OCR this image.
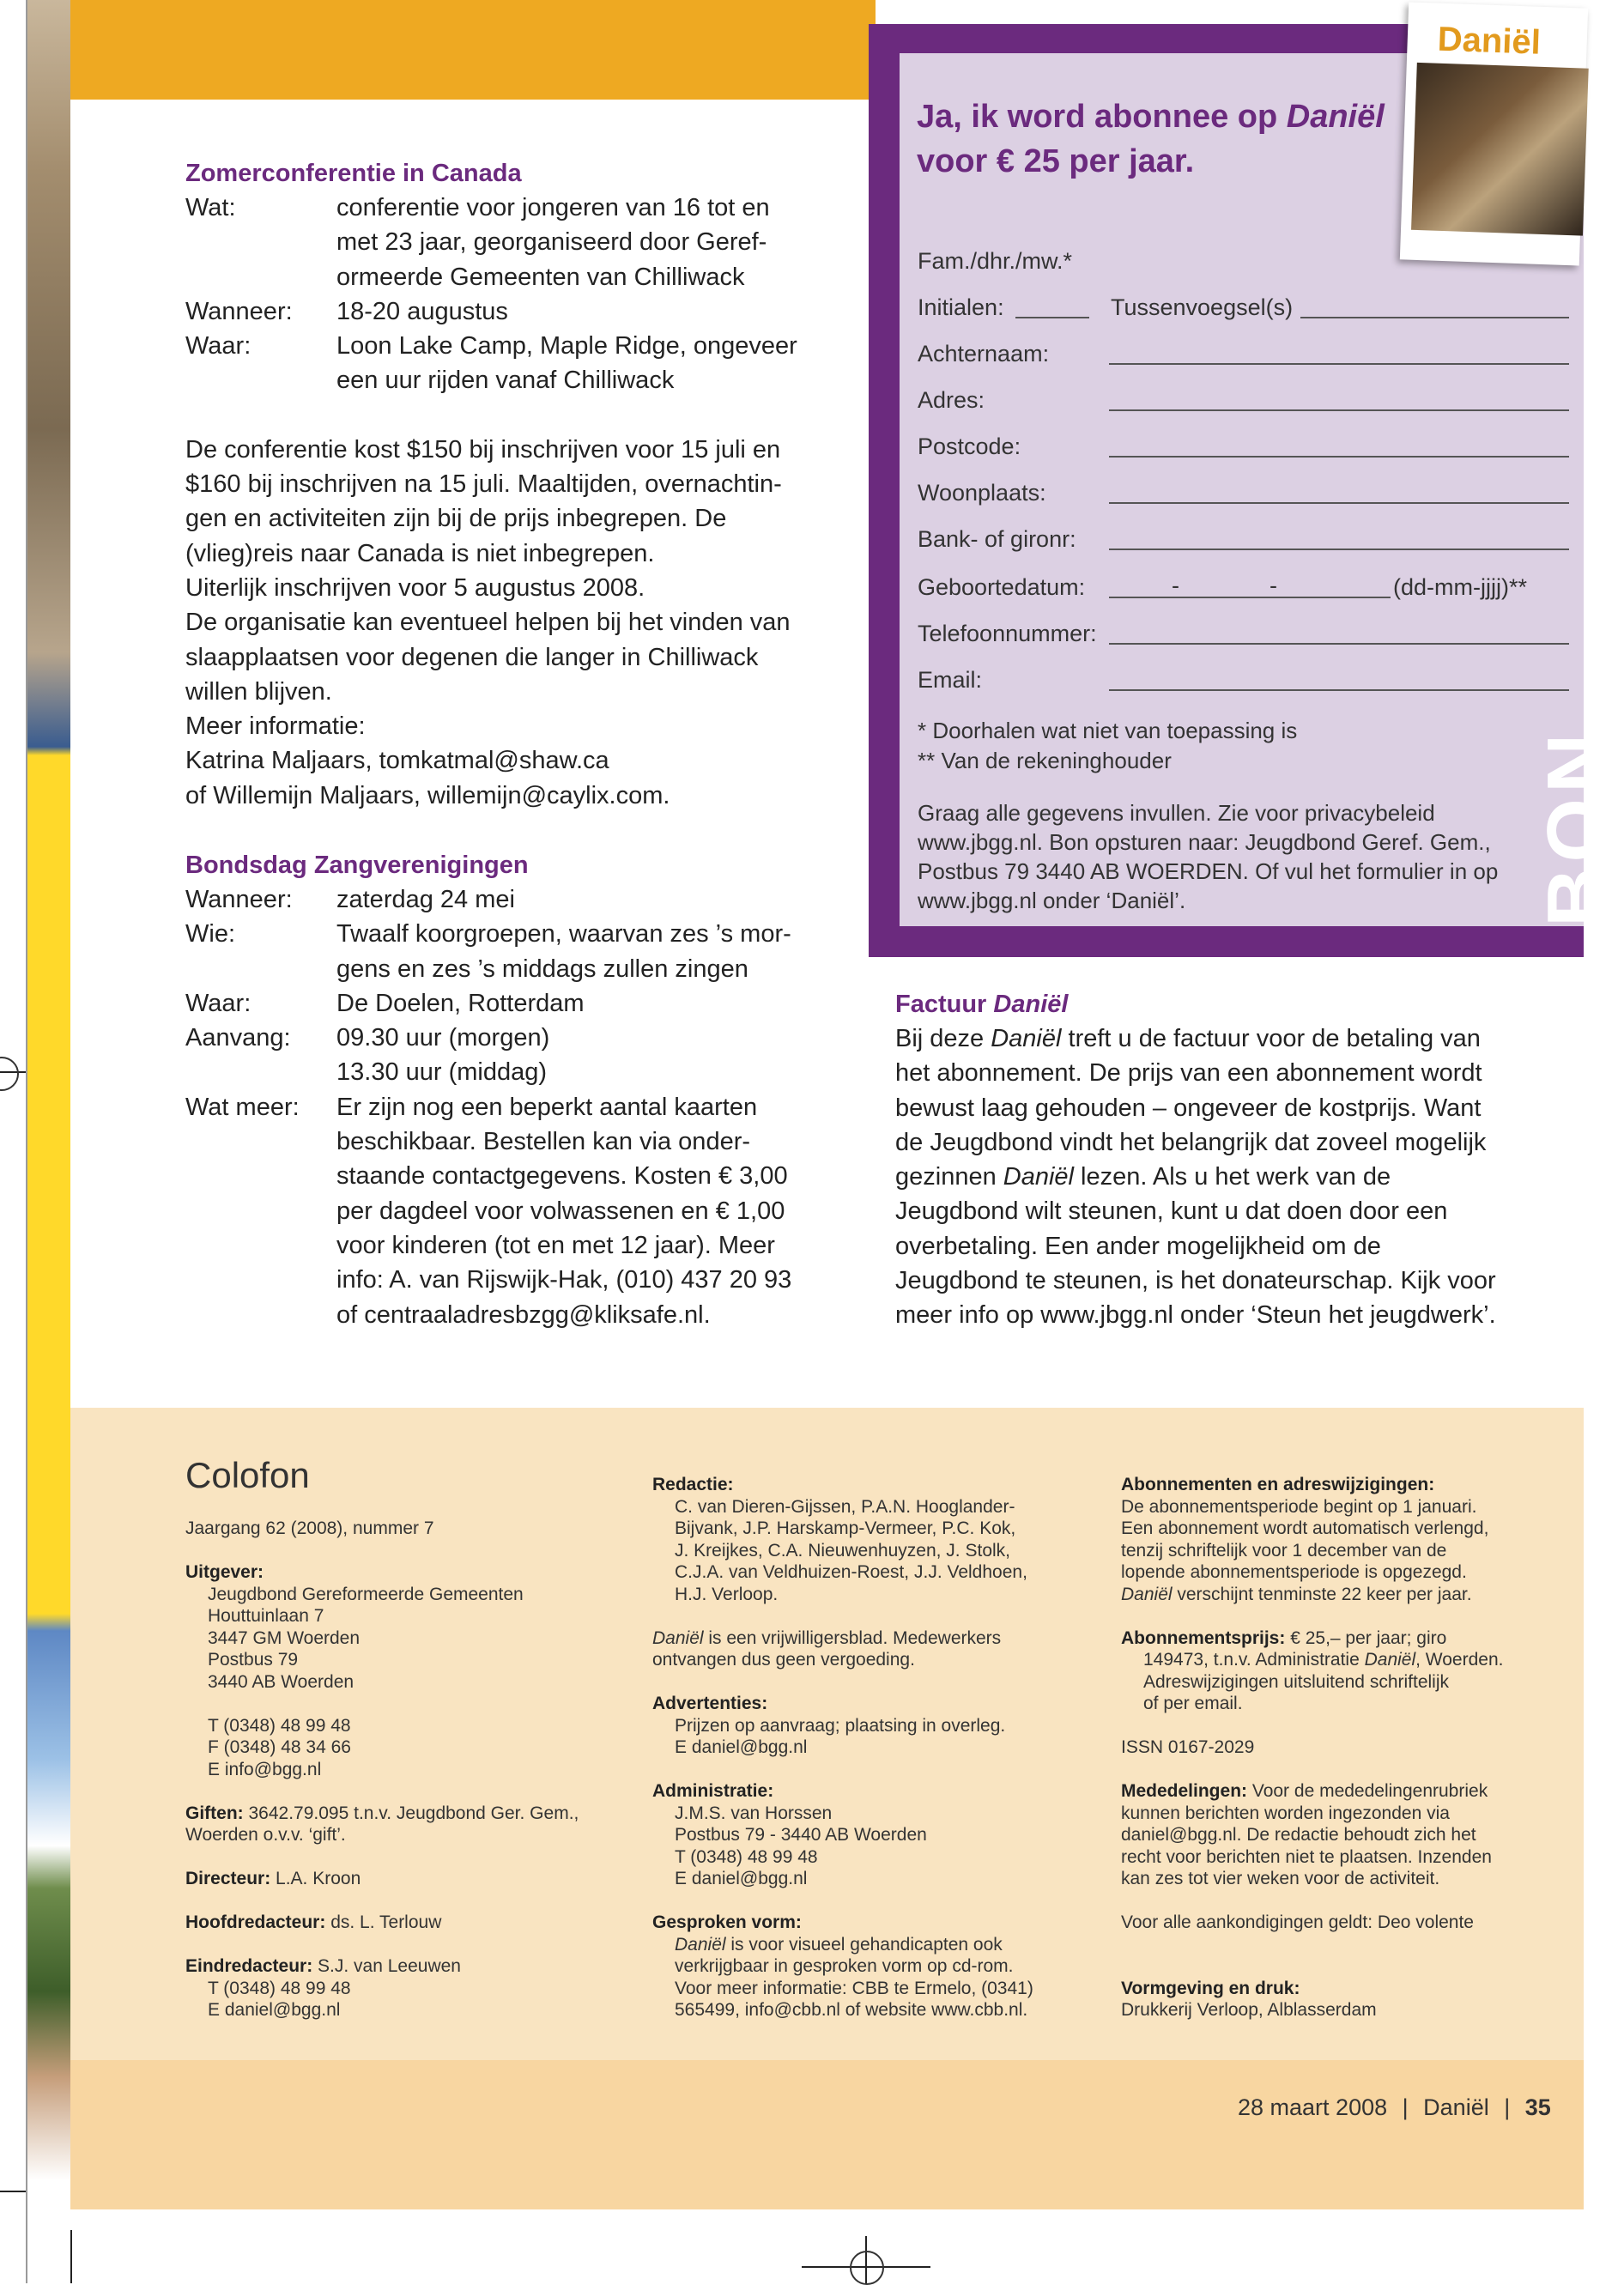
Zomerconferentie in Canada
Wat:	conferentie voor jongeren van 16 tot en
met 23 jaar, georganiseerd door Geref-
ormeerde Gemeenten van Chilliwack
Wanneer: 18-20 augustus
Waar:	Loon Lake Camp, Maple Ridge, ongeveer
een uur rijden vanaf Chilliwack
De conferentie kost $150 bij inschrijven voor 15 juli en
$160 bij inschrijven na 15 juli. Maaltijden, overnachtin-
gen en activiteiten zijn bij de prijs inbegrepen. De
(vlieg)reis naar Canada is niet inbegrepen.
Uiterlijk inschrijven voor 5 augustus 2008.
De organisatie kan eventueel helpen bij het vinden van
slaapplaatsen voor degenen die langer in Chilliwack
willen blijven.
Meer informatie:
Katrina Maljaars, tomkatmal@shaw.ca
of Willemijn Maljaars, willemijn@caylix.com.
Bondsdag Zangverenigingen
Wanneer: zaterdag 24 mei
Wie:	Twaalf koorgroepen, waarvan zes ’s mor-
gens en zes ’s middags zullen zingen
Waar:	De Doelen, Rotterdam
Aanvang: 09.30 uur (morgen)
13.30 uur (middag)
Wat meer: Er zijn nog een beperkt aantal kaarten
beschikbaar. Bestellen kan via onder-
staande contactgegevens. Kosten € 3,00
per dagdeel voor volwassenen en € 1,00
voor kinderen (tot en met 12 jaar). Meer
info: A. van Rijswijk-Hak, (010) 437 20 93
of centraaladresbzgg@kliksafe.nl.
Ja, ik word abonnee op Daniël
voor € 25 per jaar.
Daniël
Fam./dhr./mw.*
Initialen:	Tussenvoegsel(s)
Achternaam:
Adres:
Postcode:
Woonplaats:
Bank- of gironr:
Geboortedatum:	-	-	(dd-mm-jjjj)**
Telefoonnummer:
Email:
* Doorhalen wat niet van toepassing is
** Van de rekeninghouder
Graag alle gegevens invullen. Zie voor privacybeleid
www.jbgg.nl. Bon opsturen naar: Jeugdbond Geref. Gem.,
Postbus 79 3440 AB WOERDEN. Of vul het formulier in op
www.jbgg.nl onder ‘Daniël’.	BON
Factuur Daniël
Bij deze Daniël treft u de factuur voor de betaling van
het abonnement. De prijs van een abonnement wordt
bewust laag gehouden – ongeveer de kostprijs. Want
de Jeugdbond vindt het belangrijk dat zoveel mogelijk
gezinnen Daniël lezen. Als u het werk van de
Jeugdbond wilt steunen, kunt u dat doen door een
overbetaling. Een ander mogelijkheid om de
Jeugdbond te steunen, is het donateurschap. Kijk voor
meer info op www.jbgg.nl onder ‘Steun het jeugdwerk’.
Colofon
Jaargang 62 (2008), nummer 7

Uitgever:

Jeugdbond Gereformeerde Gemeenten
Houttuinlaan 7
3447 GM Woerden
Postbus 79
3440 AB Woerden

T (0348) 48 99 48
F (0348) 48 34 66
E info@bgg.nl

Giften: 3642.79.095 t.n.v. Jeugdbond Ger. Gem.,
Woerden o.v.v. ‘gift’.

Directeur: L.A. Kroon

Hoofdredacteur: ds. L. Terlouw

Eindredacteur: S.J. van Leeuwen

T (0348) 48 99 48
E daniel@bgg.nl
Redactie:

C. van Dieren-Gijssen, P.A.N. Hooglander-
Bijvank, J.P. Harskamp-Vermeer, P.C. Kok,
J. Kreijkes, C.A. Nieuwenhuyzen, J. Stolk,
C.J.A. van Veldhuizen-Roest, J.J. Veldhoen,
H.J. Verloop.

Daniël is een vrijwilligersblad. Medewerkers
ontvangen dus geen vergoeding.

Advertenties:

Prijzen op aanvraag; plaatsing in overleg.
E daniel@bgg.nl

Administratie:

J.M.S. van Horssen
Postbus 79 - 3440 AB Woerden
T (0348) 48 99 48
E daniel@bgg.nl

Gesproken vorm:

Daniël is voor visueel gehandicapten ook
verkrijgbaar in gesproken vorm op cd-rom.
Voor meer informatie: CBB te Ermelo, (0341)
565499, info@cbb.nl of website www.cbb.nl.
Abonnementen en adreswijzigingen:
De abonnementsperiode begint op 1 januari.
Een abonnement wordt automatisch verlengd,
tenzij schriftelijk voor 1 december van de
lopende abonnementsperiode is opgezegd.
Daniël verschijnt tenminste 22 keer per jaar.

Abonnementsprijs: € 25,– per jaar; giro

149473, t.n.v. Administratie Daniël, Woerden.
Adreswijzigingen uitsluitend schriftelijk
of per email.

ISSN 0167-2029

Mededelingen: Voor de mededelingenrubriek
kunnen berichten worden ingezonden via
daniel@bgg.nl. De redactie behoudt zich het
recht voor berichten niet te plaatsen. Inzenden
kan zes tot vier weken voor de activiteit.

Voor alle aankondigingen geldt: Deo volente

Vormgeving en druk:
Drukkerij Verloop, Alblasserdam
28 maart 2008 | Daniël | 35
